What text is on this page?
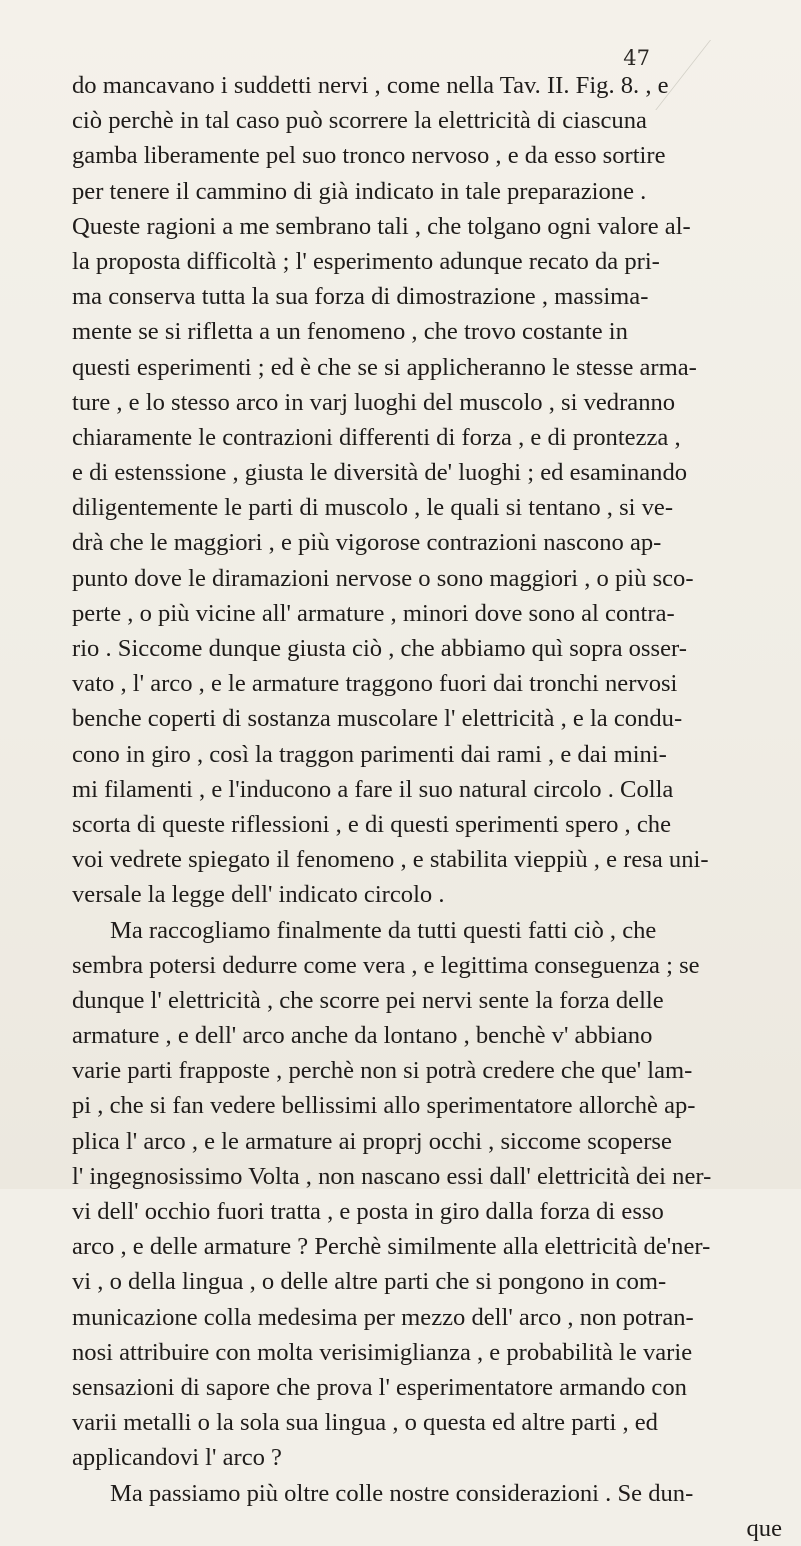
47

do mancavano i suddetti nervi , come nella Tav. II. Fig. 8. , e

ciò perchè in tal caso può scorrere la elettricità di ciascuna

gamba liberamente pel suo tronco nervoso , e da esso sortire

per tenere il cammino di già indicato in tale preparazione .

Queste ragioni a me sembrano tali , che tolgano ogni valore al-

la proposta difficoltà ; l' esperimento adunque recato da pri-

ma conserva tutta la sua forza di dimostrazione , massima-

mente se si rifletta a un fenomeno , che trovo costante in

questi esperimenti ; ed è che se si applicheranno le stesse arma-

ture , e lo stesso arco in varj luoghi del muscolo , si vedranno

chiaramente le contrazioni differenti di forza , e di prontezza ,

e di estenssione , giusta le diversità de' luoghi ; ed esaminando

diligentemente le parti di muscolo , le quali si tentano , si ve-

drà che le maggiori , e più vigorose contrazioni nascono ap-

punto dove le diramazioni nervose o sono maggiori , o più sco-

perte , o più vicine all' armature , minori dove sono al contra-

rio . Siccome dunque giusta ciò , che abbiamo quì sopra osser-

vato , l' arco , e le armature traggono fuori dai tronchi nervosi

benche coperti di sostanza muscolare l' elettricità , e la condu-

cono in giro , così la traggon parimenti dai rami , e dai mini-

mi filamenti , e l'inducono a fare il suo natural circolo . Colla

scorta di queste riflessioni , e di questi sperimenti spero , che

voi vedrete spiegato il fenomeno , e stabilita vieppiù , e resa uni-

versale la legge dell' indicato circolo .

Ma raccogliamo finalmente da tutti questi fatti ciò , che

sembra potersi dedurre come vera , e legittima conseguenza ; se

dunque l' elettricità , che scorre pei nervi sente la forza delle

armature , e dell' arco anche da lontano , benchè v' abbiano

varie parti frapposte , perchè non si potrà credere che que' lam-

pi , che si fan vedere bellissimi allo sperimentatore allorchè ap-

plica l' arco , e le armature ai proprj occhi , siccome scoperse

l' ingegnosissimo Volta , non nascano essi dall' elettricità dei ner-

vi dell' occhio fuori tratta , e posta in giro dalla forza di esso

arco , e delle armature ? Perchè similmente alla elettricità de'ner-

vi , o della lingua , o delle altre parti che si pongono in com-

municazione colla medesima per mezzo dell' arco , non potran-

nosi attribuire con molta verisimiglianza , e probabilità le varie

sensazioni di sapore che prova l' esperimentatore armando con

varii metalli o la sola sua lingua , o questa ed altre parti , ed

applicandovi l' arco ?

Ma passiamo più oltre colle nostre considerazioni . Se dun-

que
